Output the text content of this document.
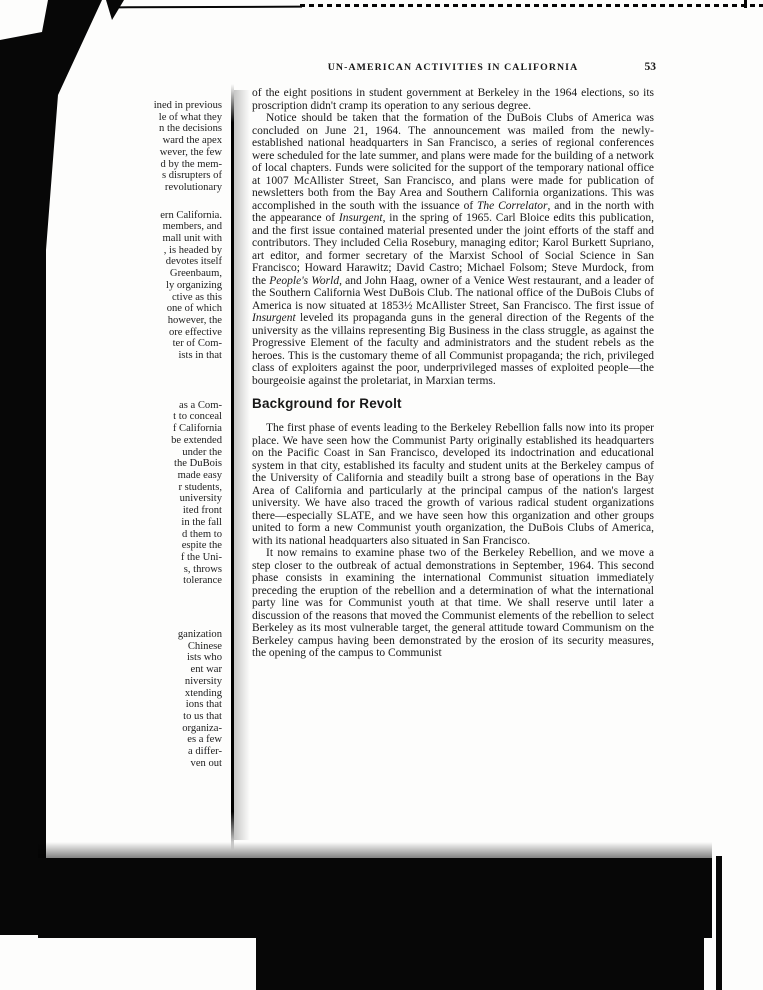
ined in previous
le of what they
n the decisions
ward the apex
wever, the few
d by the mem-
s disrupters of
revolutionary
ern California.
members, and
mall unit with
, is headed by
devotes itself
Greenbaum,
ly organizing
ctive as this
one of which
however, the
ore effective
ter of Com-
ists in that
as a Com-
t to conceal
f California
be extended
under the
the DuBois
made easy
r students,
university
ited front
in the fall
d them to
espite the
f the Uni-
s, throws
tolerance
ganization
Chinese
ists who
ent war
niversity
xtending
ions that
to us that
organiza-
es a few
a differ-
ven out
UN-AMERICAN ACTIVITIES IN CALIFORNIA	53

of the eight positions in student government at Berkeley in the 1964 elections, so its proscription didn't cramp its operation to any serious degree.

Notice should be taken that the formation of the DuBois Clubs of America was concluded on June 21, 1964. The announcement was mailed from the newly-established national headquarters in San Francisco, a series of regional conferences were scheduled for the late summer, and plans were made for the building of a network of local chapters. Funds were solicited for the support of the temporary national office at 1007 McAllister Street, San Francisco, and plans were made for publication of newsletters both from the Bay Area and Southern California organizations. This was accomplished in the south with the issuance of The Correlator, and in the north with the appearance of Insurgent, in the spring of 1965. Carl Bloice edits this publication, and the first issue contained material presented under the joint efforts of the staff and contributors. They included Celia Rosebury, managing editor; Karol Burkett Supriano, art editor, and former secretary of the Marxist School of Social Science in San Francisco; Howard Harawitz; David Castro; Michael Folsom; Steve Murdock, from the People's World, and John Haag, owner of a Venice West restaurant, and a leader of the Southern California West DuBois Club. The national office of the DuBois Clubs of America is now situated at 1853½ McAllister Street, San Francisco. The first issue of Insurgent leveled its propaganda guns in the general direction of the Regents of the university as the villains representing Big Business in the class struggle, as against the Progressive Element of the faculty and administrators and the student rebels as the heroes. This is the customary theme of all Communist propaganda; the rich, privileged class of exploiters against the poor, underprivileged masses of exploited people—the bourgeoisie against the proletariat, in Marxian terms.

Background for Revolt

The first phase of events leading to the Berkeley Rebellion falls now into its proper place. We have seen how the Communist Party originally established its headquarters on the Pacific Coast in San Francisco, developed its indoctrination and educational system in that city, established its faculty and student units at the Berkeley campus of the University of California and steadily built a strong base of operations in the Bay Area of California and particularly at the principal campus of the nation's largest university. We have also traced the growth of various radical student organizations there—especially SLATE, and we have seen how this organization and other groups united to form a new Communist youth organization, the DuBois Clubs of America, with its national headquarters also situated in San Francisco.

It now remains to examine phase two of the Berkeley Rebellion, and we move a step closer to the outbreak of actual demonstrations in September, 1964. This second phase consists in examining the international Communist situation immediately preceding the eruption of the rebellion and a determination of what the international party line was for Communist youth at that time. We shall reserve until later a discussion of the reasons that moved the Communist elements of the rebellion to select Berkeley as its most vulnerable target, the general attitude toward Communism on the Berkeley campus having been demonstrated by the erosion of its security measures, the opening of the campus to Communist
